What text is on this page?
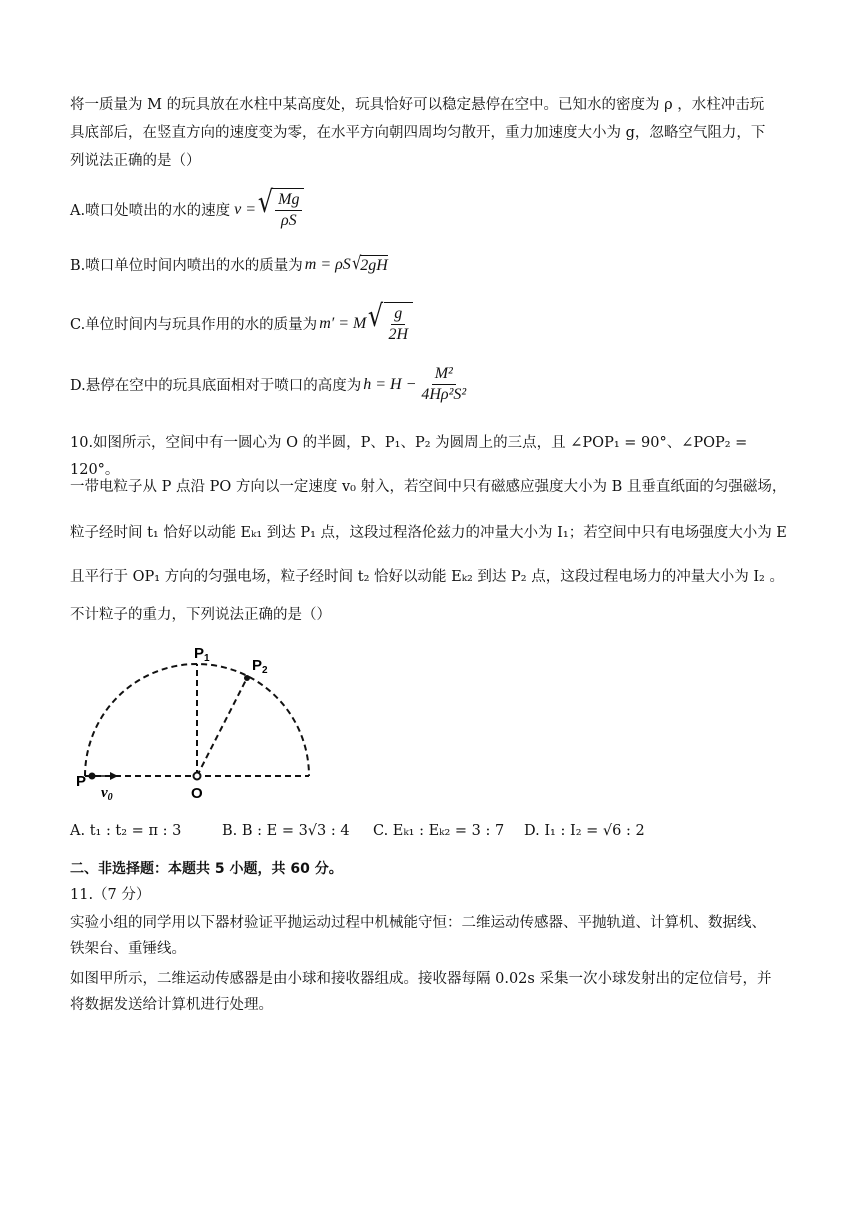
将一质量为 M 的玩具放在水柱中某高度处，玩具恰好可以稳定悬停在空中。已知水的密度为 ρ ，水柱冲击玩

具底部后，在竖直方向的速度变为零，在水平方向朝四周均匀散开，重力加速度大小为 g，忽略空气阻力，下

列说法正确的是（）

A.喷口处喷出的水的速度 v = √ $\frac{Mg}{\rho S}$
B.喷口单位时间内喷出的水的质量为 m = ρS √ 2gH
C.单位时间内与玩具作用的水的质量为 m′ = M √ $\frac{g}{2H}$
D.悬停在空中的玩具底面相对于喷口的高度为 $h = H - \frac{\text{M²}}{\text{4Hρ²S²}}$

10.如图所示，空间中有一圆心为 O 的半圆，P、P₁、P₂ 为圆周上的三点，且 ∠POP₁ = 90°、∠POP₂ = 120°。

一带电粒子从 P 点沿 PO 方向以一定速度 v₀ 射入，若空间中只有磁感应强度大小为 B 且垂直纸面的匀强磁场，

粒子经时间 t₁ 恰好以动能 Eₖ₁ 到达 P₁ 点，这段过程洛伦兹力的冲量大小为 I₁；若空间中只有电场强度大小为 E

且平行于 OP₁ 方向的匀强电场，粒子经时间 t₂ 恰好以动能 Eₖ₂ 到达 P₂ 点，这段过程电场力的冲量大小为 I₂ 。

不计粒子的重力，下列说法正确的是（）

P
$P_1$	$P_2$
O
$v_0$
A. t₁ : t₂ = π : 3	B. B : E = 3√3 : 4 C. Eₖ₁ : Eₖ₂ = 3 : 7 D. I₁ : I₂ = √6 : 2

二、非选择题：本题共 5 小题，共 60 分。

11.（7 分）

实验小组的同学用以下器材验证平抛运动过程中机械能守恒：二维运动传感器、平抛轨道、计算机、数据线、

铁架台、重锤线。

如图甲所示，二维运动传感器是由小球和接收器组成。接收器每隔 0.02s 采集一次小球发射出的定位信号，并

将数据发送给计算机进行处理。
